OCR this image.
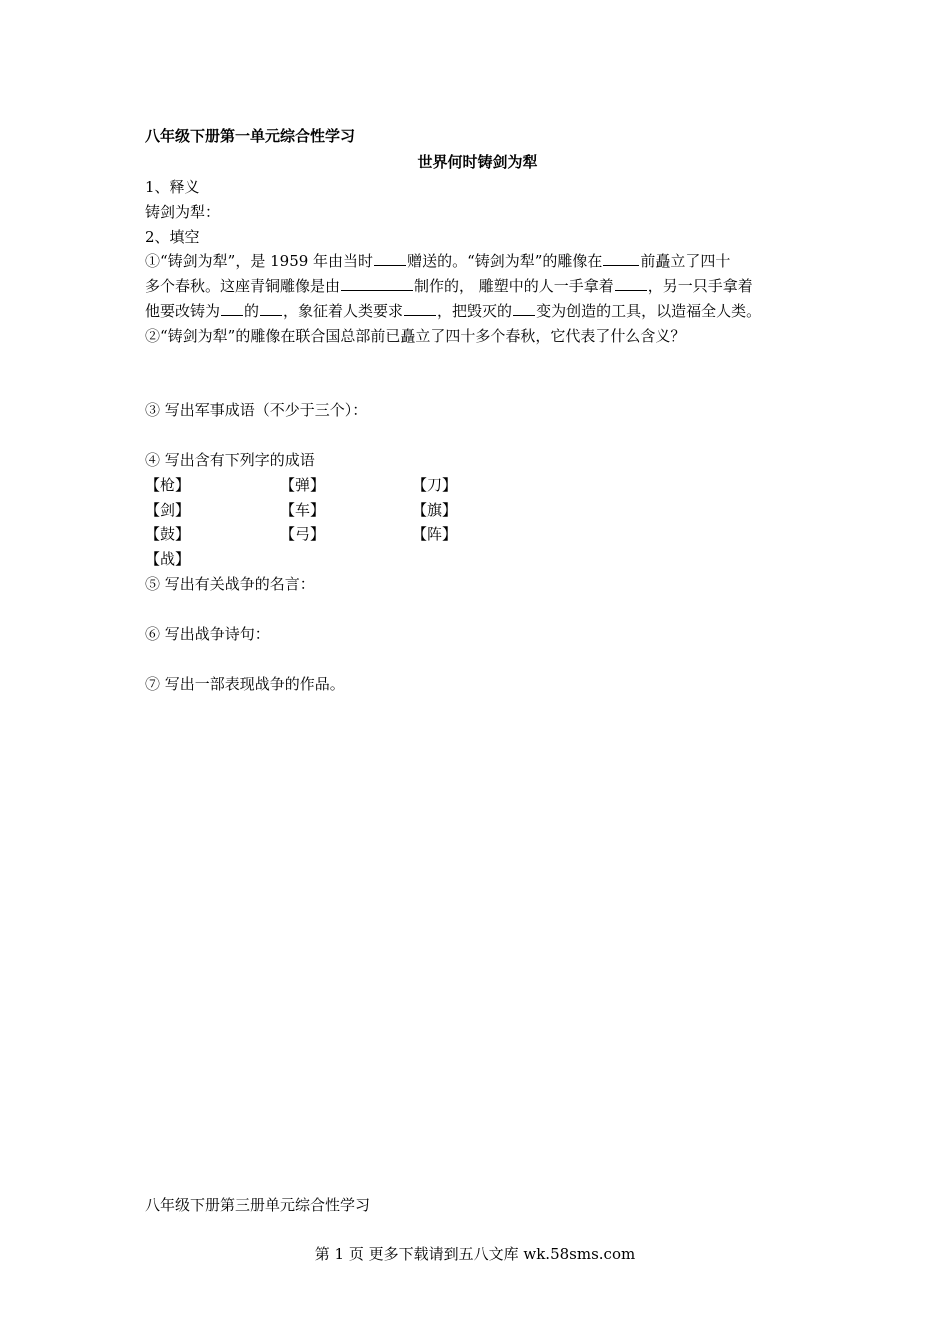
八年级下册第一单元综合性学习
世界何时铸剑为犁
1、释义
铸剑为犁：
2、填空
①“铸剑为犁”，是 1959 年由当时 赠送的。“铸剑为犁”的雕像在	前矗立了四十
多个春秋。这座青铜雕像是由	制作的， 雕塑中的人一手拿着 ，另一只手拿着
他要改铸为 的 ，象征着人类要求 ，把毁灭的 变为创造的工具，以造福全人类。
②“铸剑为犁”的雕像在联合国总部前已矗立了四十多个春秋，它代表了什么含义？
③ 写出军事成语（不少于三个）：
④ 写出含有下列字的成语
【枪】	【弹】	【刀】
【剑】	【车】	【旗】
【鼓】	【弓】	【阵】
【战】
⑤ 写出有关战争的名言：
⑥ 写出战争诗句：
⑦ 写出一部表现战争的作品。
八年级下册第三册单元综合性学习
第 1 页 更多下载请到五八文库 wk.58sms.com
